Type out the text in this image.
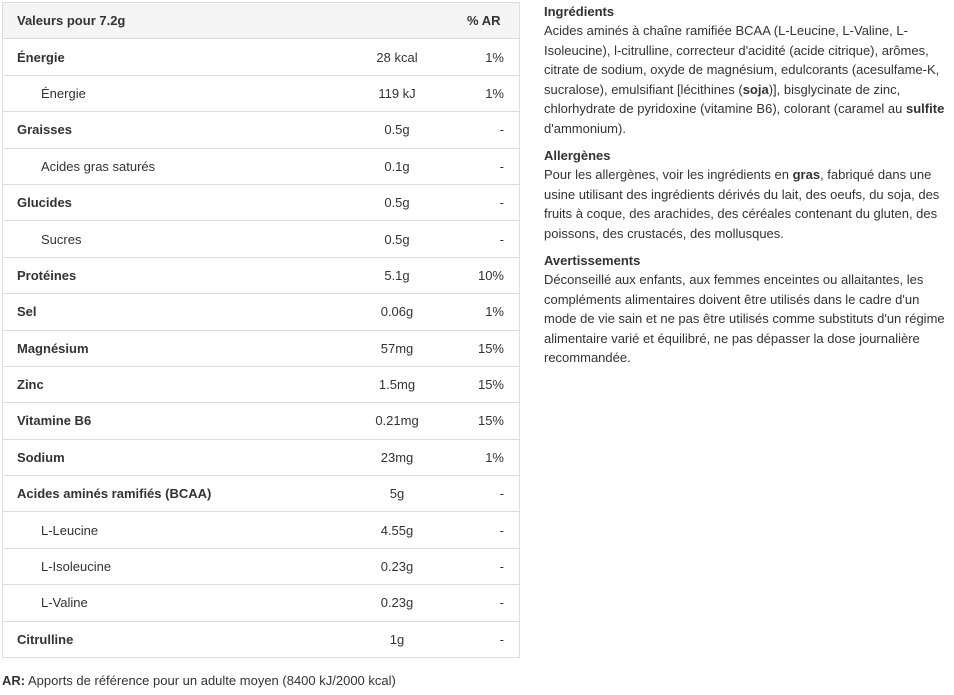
Valeurs pour 7.2g		% AR
Énergie	28 kcal	1%
Énergie	119 kJ	1%
Graisses	0.5g	-
Acides gras saturés	0.1g	-
Glucides	0.5g	-
Sucres	0.5g	-
Protéines	5.1g	10%
Sel	0.06g	1%
Magnésium	57mg	15%
Zinc	1.5mg	15%
Vitamine B6	0.21mg	15%
Sodium	23mg	1%
Acides aminés ramifiés (BCAA)	5g	-
L-Leucine	4.55g	-
L-Isoleucine	0.23g	-
L-Valine	0.23g	-
Citrulline	1g	-
AR: Apports de référence pour un adulte moyen (8400 kJ/2000 kcal)
Ingrédients

Acides aminés à chaîne ramifiée BCAA (L-Leucine, L-Valine, L-Isoleucine), l-citrulline, correcteur d'acidité (acide citrique), arômes, citrate de sodium, oxyde de magnésium, edulcorants (acesulfame-K, sucralose), emulsifiant [lécithines (soja)], bisglycinate de zinc, chlorhydrate de pyridoxine (vitamine B6), colorant (caramel au sulfite d'ammonium).

Allergènes

Pour les allergènes, voir les ingrédients en gras, fabriqué dans une usine utilisant des ingrédients dérivés du lait, des oeufs, du soja, des fruits à coque, des arachides, des céréales contenant du gluten, des poissons, des crustacés, des mollusques.

Avertissements

Déconseillé aux enfants, aux femmes enceintes ou allaitantes, les compléments alimentaires doivent être utilisés dans le cadre d'un mode de vie sain et ne pas être utilisés comme substituts d'un régime alimentaire varié et équilibré, ne pas dépasser la dose journalière recommandée.
